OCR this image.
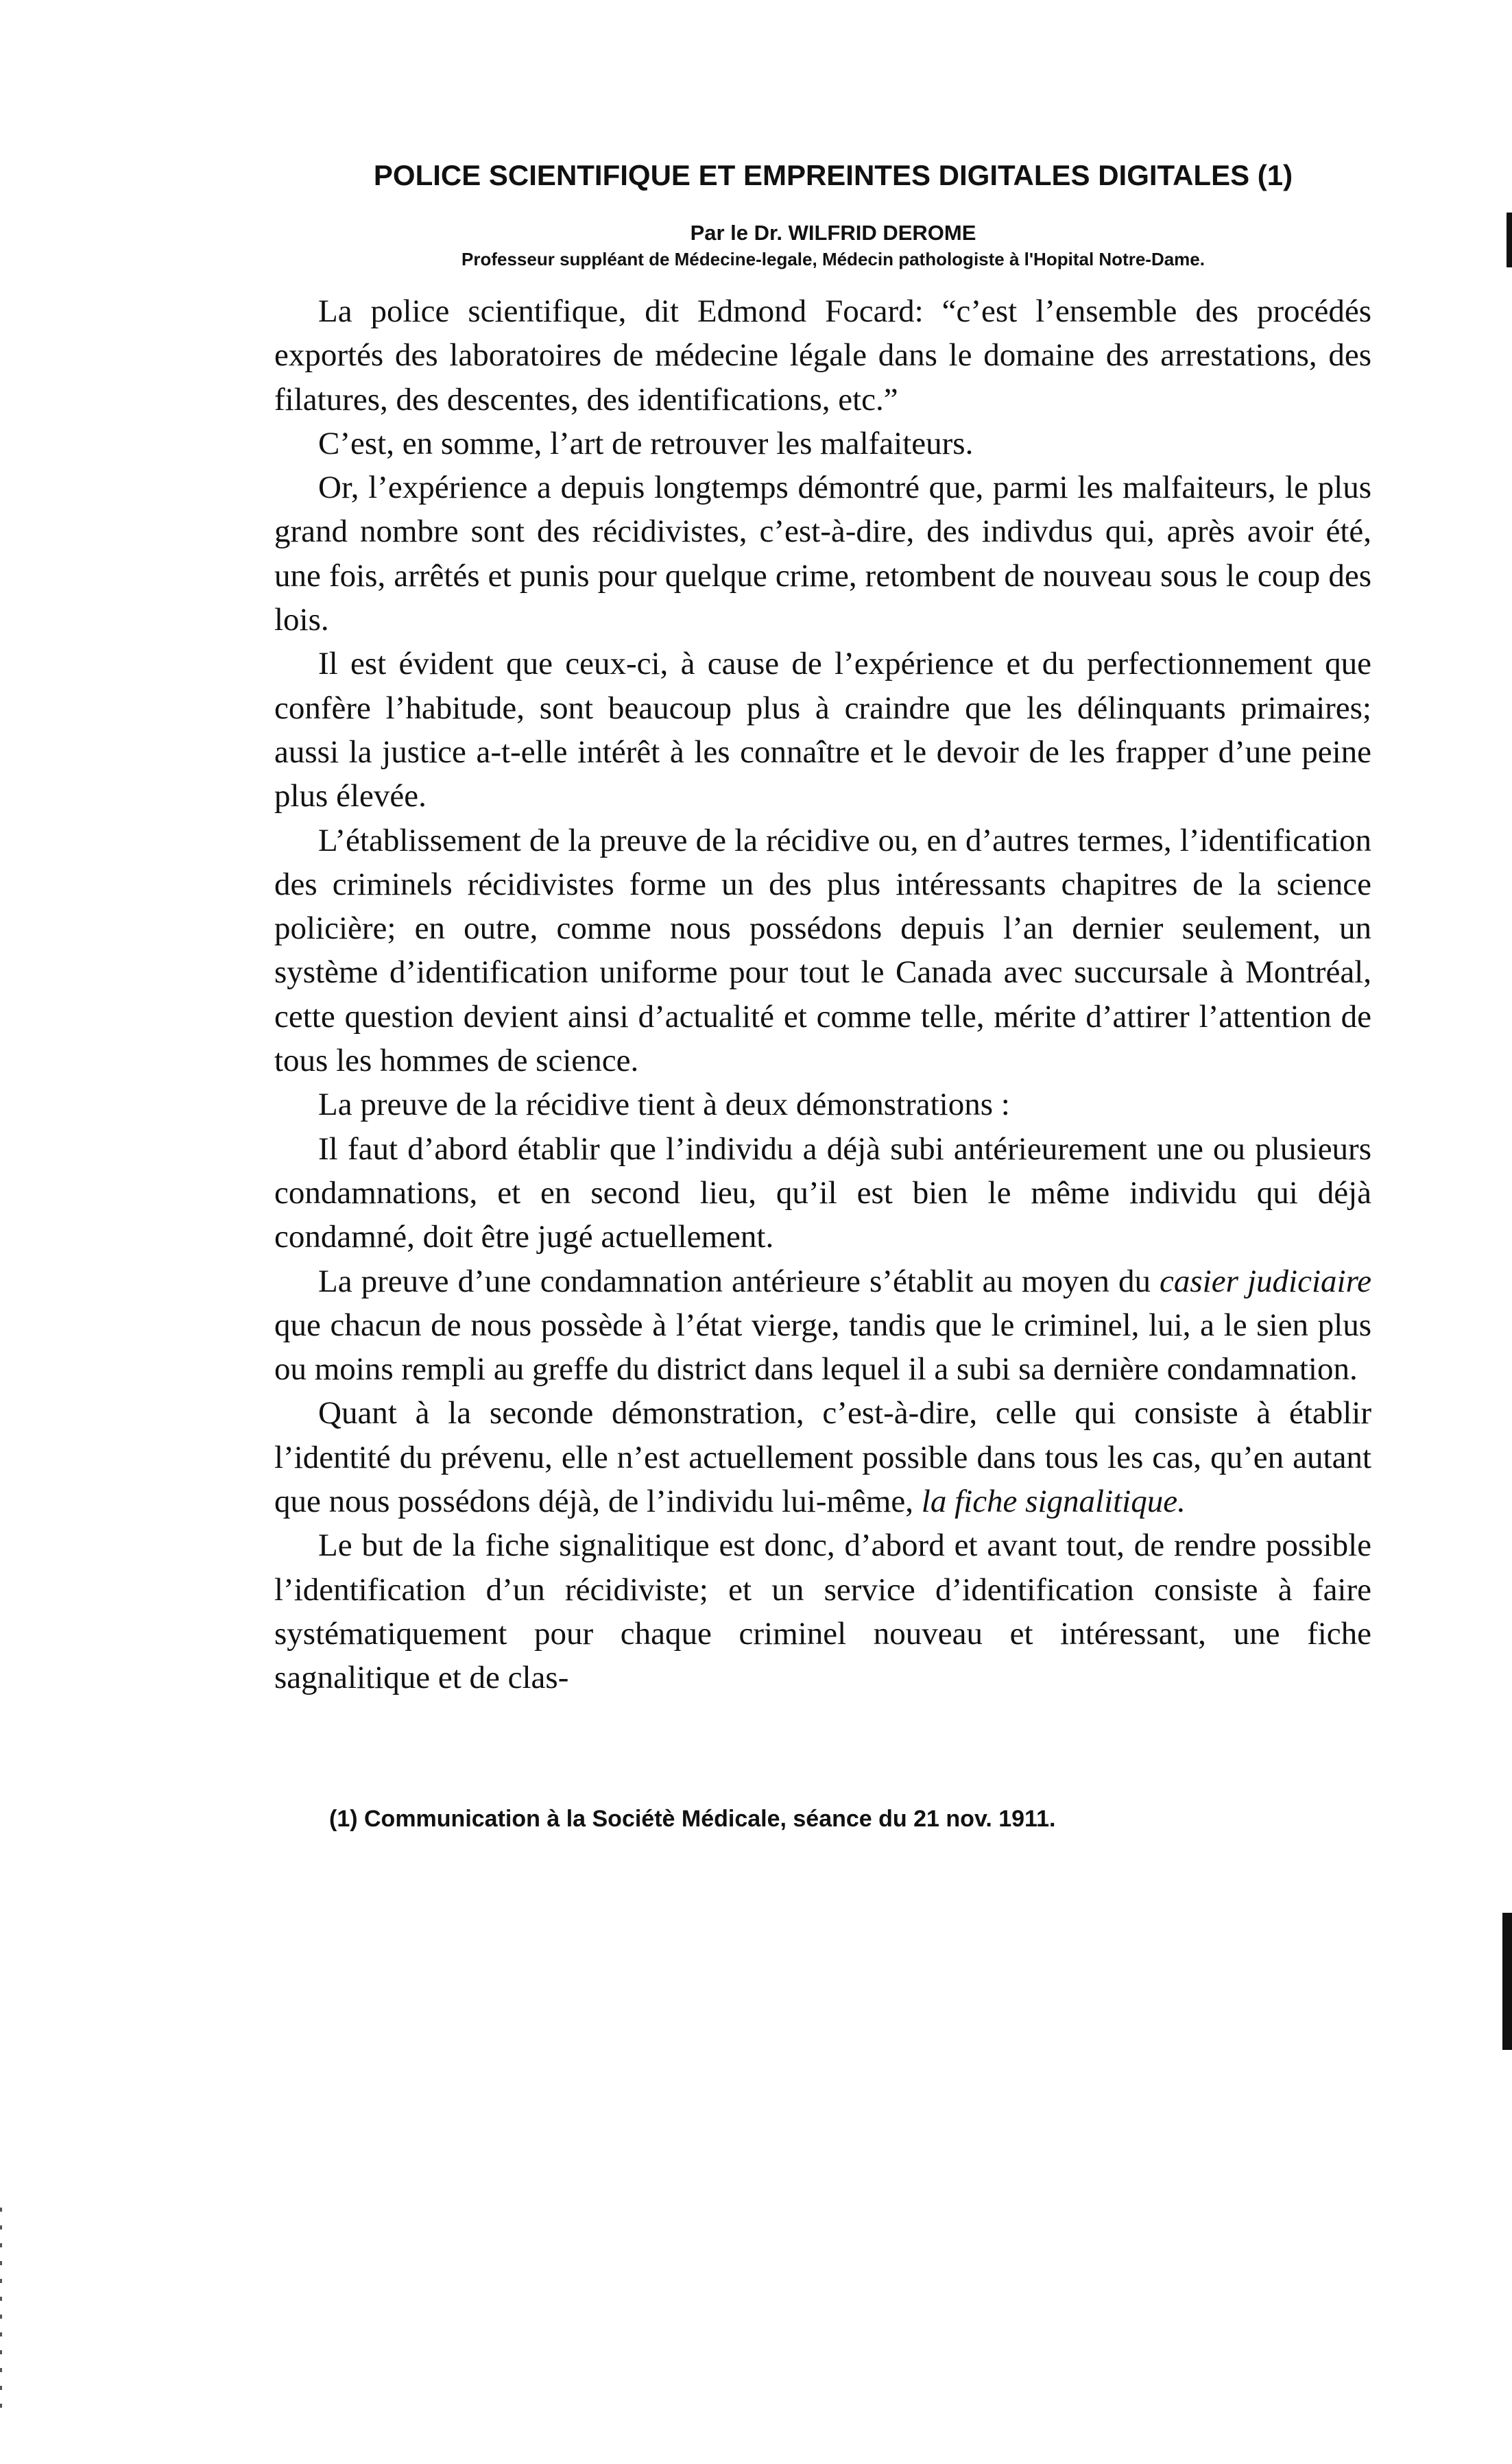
POLICE SCIENTIFIQUE ET EMPREINTES DIGITALES DIGITALES (1)
Par le Dr. WILFRID DEROME
Professeur suppléant de Médecine-legale, Médecin pathologiste à l'Hopital Notre-Dame.

La police scientifique, dit Edmond Focard: “c’est l’ensemble des procédés exportés des laboratoires de médecine légale dans le domaine des arrestations, des filatures, des descentes, des identifications, etc.”

C’est, en somme, l’art de retrouver les malfaiteurs.

Or, l’expérience a depuis longtemps démontré que, parmi les malfaiteurs, le plus grand nombre sont des récidivistes, c’est-à-dire, des indivdus qui, après avoir été, une fois, arrêtés et punis pour quelque crime, retombent de nouveau sous le coup des lois.

Il est évident que ceux-ci, à cause de l’expérience et du perfectionnement que confère l’habitude, sont beaucoup plus à craindre que les délinquants primaires; aussi la justice a-t-elle intérêt à les connaître et le devoir de les frapper d’une peine plus élevée.

L’établissement de la preuve de la récidive ou, en d’autres termes, l’identification des criminels récidivistes forme un des plus intéressants chapitres de la science policière; en outre, comme nous possédons depuis l’an dernier seulement, un système d’identification uniforme pour tout le Canada avec succursale à Montréal, cette question devient ainsi d’actualité et comme telle, mérite d’attirer l’attention de tous les hommes de science.

La preuve de la récidive tient à deux démonstrations :

Il faut d’abord établir que l’individu a déjà subi antérieurement une ou plusieurs condamnations, et en second lieu, qu’il est bien le même individu qui déjà condamné, doit être jugé actuellement.

La preuve d’une condamnation antérieure s’établit au moyen du casier judiciaire que chacun de nous possède à l’état vierge, tandis que le criminel, lui, a le sien plus ou moins rempli au greffe du district dans lequel il a subi sa dernière condamnation.

Quant à la seconde démonstration, c’est-à-dire, celle qui consiste à établir l’identité du prévenu, elle n’est actuellement possible dans tous les cas, qu’en autant que nous possédons déjà, de l’individu lui-même, la fiche signalitique.

Le but de la fiche signalitique est donc, d’abord et avant tout, de rendre possible l’identification d’un récidiviste; et un service d’identification consiste à faire systématiquement pour chaque criminel nouveau et intéressant, une fiche sagnalitique et de clas-

(1) Communication à la Sociétè Médicale, séance du 21 nov. 1911.
